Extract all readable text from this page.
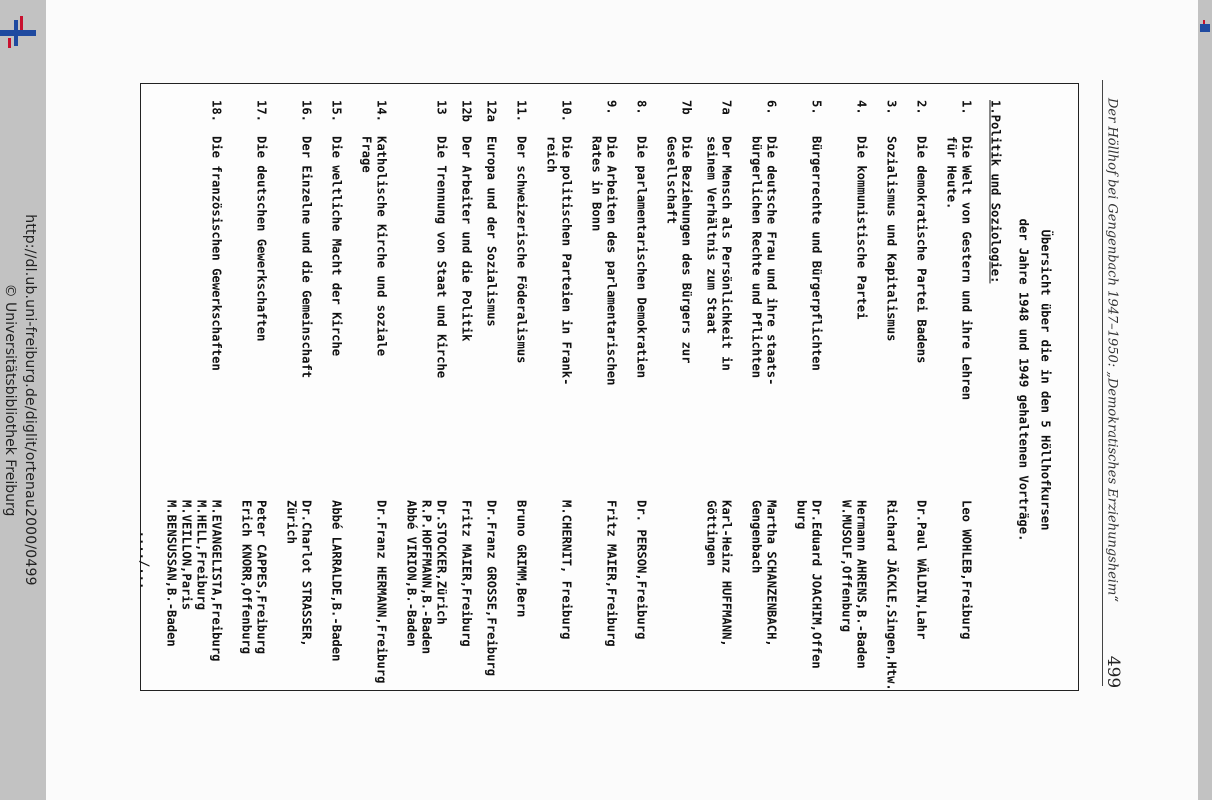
http://dl.ub.uni-freiburg.de/diglit/ortenau2000/0499
© Universitätsbibliothek Freiburg	Der Höllhof bei Gengenbach 1947–1950: „Demokratisches Erziehungsheim“
499
Übersicht über die in den 5 Höllhofkursen
der Jahre 1948 und 1949 gehaltenen Vorträge.
1.Politik und Soziologie:
1.
Die Welt von Gestern und ihre Lehren
für Heute.
Leo WOHLEB,Freiburg
2.
Die demokratische Partei Badens
Dr.Paul WÄLDIN,Lahr
3.
Sozialismus und Kapitalismus
Richard JÄCKLE,Singen,Htw.
4.
Die kommunistische Partei
Hermann AHRENS,B.-Baden
W.MUSOLF,Offenburg
5.
Bürgerrechte und Bürgerpflichten
Dr.Eduard JOACHIM,Offen
burg
6.
Die deutsche Frau und ihre staats-
bürgerlichen Rechte und Pflichten
Martha SCHANZENBACH,
Gengenbach
7a
Der Mensch als Persönlichkeit in
seinem Verhältnis zum Staat
Karl-Heinz HUFFMANN,
Göttingen
7b
Die Beziehungen des Bürgers zur
Gesellschaft
8.
Die parlamentarischen Demokratien
Dr. PERSON,Freiburg
9.
Die Arbeiten des parlamentarischen
Rates in Bonn
Fritz MAIER,Freiburg
10.
Die politischen Parteien in Frank-
reich
M.CHERNIT, Freiburg
11.
Der schweizerische Föderalismus
Bruno GRIMM,Bern
12a
Europa und der Sozialismus
Dr.Franz GROSSE,Freiburg
12b
Der Arbeiter und die Politik
Fritz MAIER,Freiburg
13
Die Trennung von Staat und Kirche
Dr.STOCKER,Zürich
R.P.HOFFMANN,B.-Baden
Abbé VIRION,B.-Baden
14.
Katholische Kirche und soziale
Frage
Dr.Franz HERMANN,Freiburg
15.
Die weltliche Macht der Kirche
Abbé LARRALDE,B.-Baden
16.
Der Einzelne und die Gemeinschaft
Dr.Charlot STRASSER,
Zürich
17.
Die deutschen Gewerkschaften
Peter CAPPES,Freiburg
Erich KNORR,Offenburg
18.
Die französischen Gewerkschaften
M.EVANGELISTA,Freiburg
M.HELL,Freiburg
M.VEILLON,Paris
M.BENSUSSAN,B.-Baden
..../...
